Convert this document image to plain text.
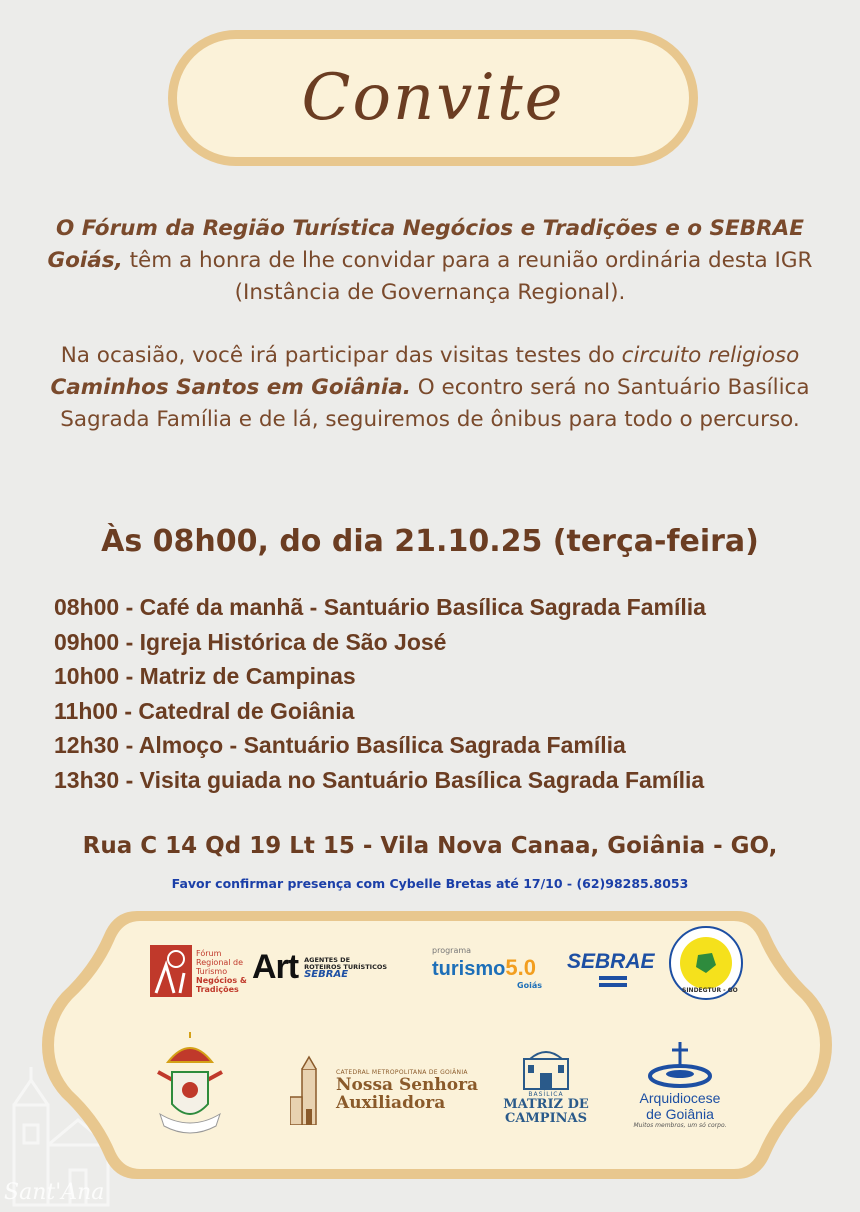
Convite
O Fórum da Região Turística Negócios e Tradições e o SEBRAE Goiás, têm a honra de lhe convidar para a reunião ordinária desta IGR (Instância de Governança Regional).
Na ocasião, você irá participar das visitas testes do circuito religioso Caminhos Santos em Goiânia. O econtro será no Santuário Basílica Sagrada Família e de lá, seguiremos de ônibus para todo o percurso.
Às 08h00, do dia 21.10.25 (terça-feira)
08h00 - Café da manhã - Santuário Basílica Sagrada Família
09h00 - Igreja Histórica de São José
10h00 - Matriz de Campinas
11h00 - Catedral de Goiânia
12h30 - Almoço - Santuário Basílica Sagrada Família
13h30 - Visita guiada no Santuário Basílica Sagrada Família
Rua C 14 Qd 19 Lt 15 - Vila Nova Canaa, Goiânia - GO,
Favor confirmar presença com Cybelle Bretas até 17/10 - (62)98285.8053
Sant'Ana
Fórum
Regional de
Turismo
Negócios &
Tradições
Art AGENTES DE
ROTEIROS TURÍSTICOS
SEBRAE
programa
turismo5.0
Goiás
SEBRAE
SINDEGTUR - GO
CATEDRAL METROPOLITANA DE GOIÂNIA
Nossa Senhora
Auxiliadora	BASÍLICA
MATRIZ DE
CAMPINAS
Arquidiocese
de Goiânia
Muitos membros, um só corpo.
